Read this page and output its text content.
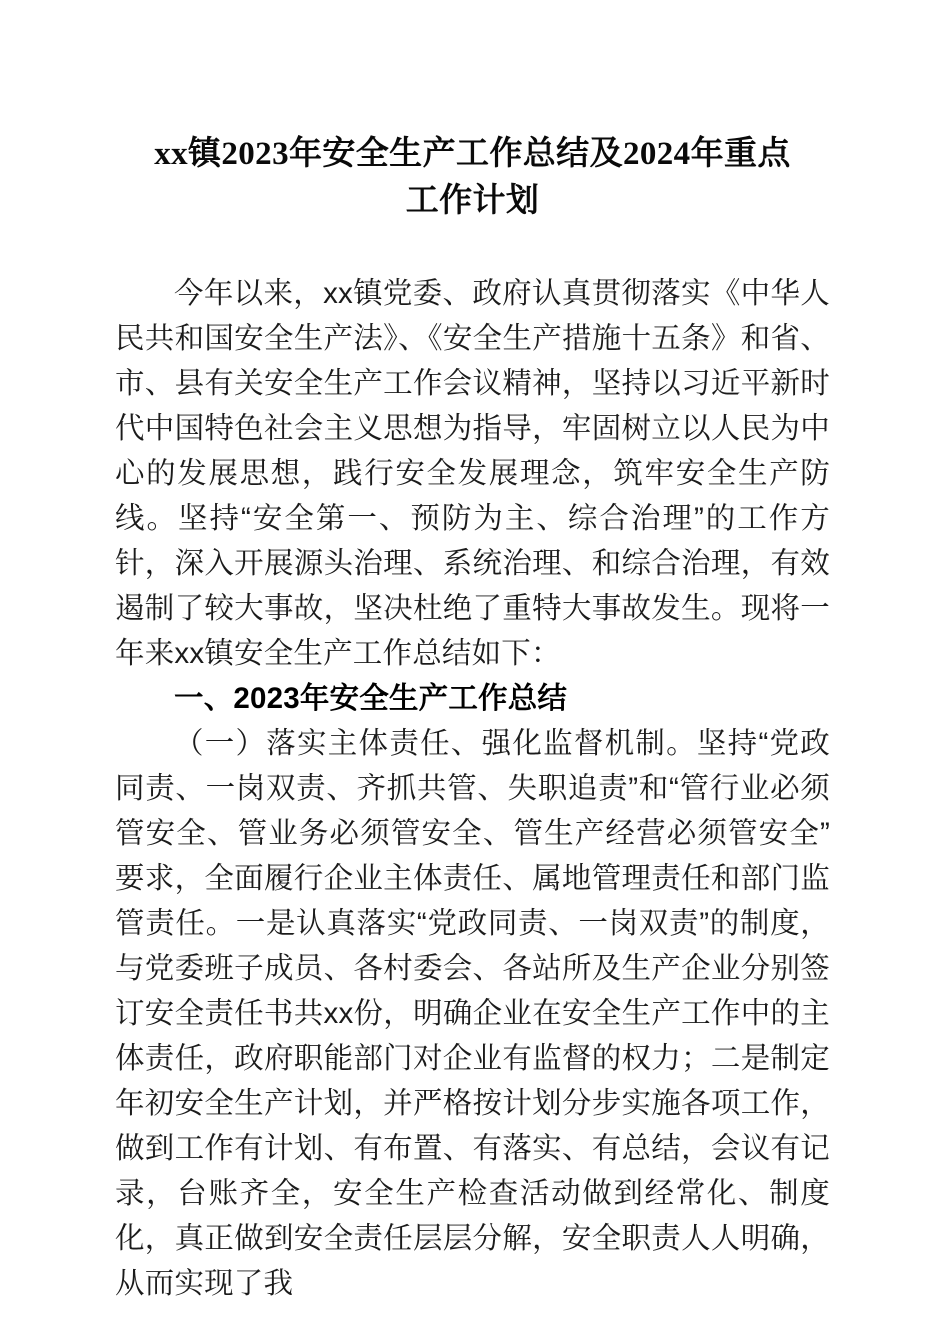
xx镇2023年安全生产工作总结及2024年重点
工作计划

今年以来，xx镇党委、政府认真贯彻落实《中华人民共和国安全生产法》、《安全生产措施十五条》和省、市、县有关安全生产工作会议精神，坚持以习近平新时代中国特色社会主义思想为指导，牢固树立以人民为中心的发展思想，践行安全发展理念，筑牢安全生产防线。坚持“安全第一、预防为主、综合治理”的工作方针，深入开展源头治理、系统治理、和综合治理，有效遏制了较大事故，坚决杜绝了重特大事故发生。现将一年来xx镇安全生产工作总结如下：

一、2023年安全生产工作总结

（一）落实主体责任、强化监督机制。坚持“党政同责、一岗双责、齐抓共管、失职追责”和“管行业必须管安全、管业务必须管安全、管生产经营必须管安全”要求，全面履行企业主体责任、属地管理责任和部门监管责任。一是认真落实“党政同责、一岗双责”的制度，与党委班子成员、各村委会、各站所及生产企业分别签订安全责任书共xx份，明确企业在安全生产工作中的主体责任，政府职能部门对企业有监督的权力；二是制定年初安全生产计划，并严格按计划分步实施各项工作，做到工作有计划、有布置、有落实、有总结，会议有记录，台账齐全，安全生产检查活动做到经常化、制度化，真正做到安全责任层层分解，安全职责人人明确，从而实现了我
